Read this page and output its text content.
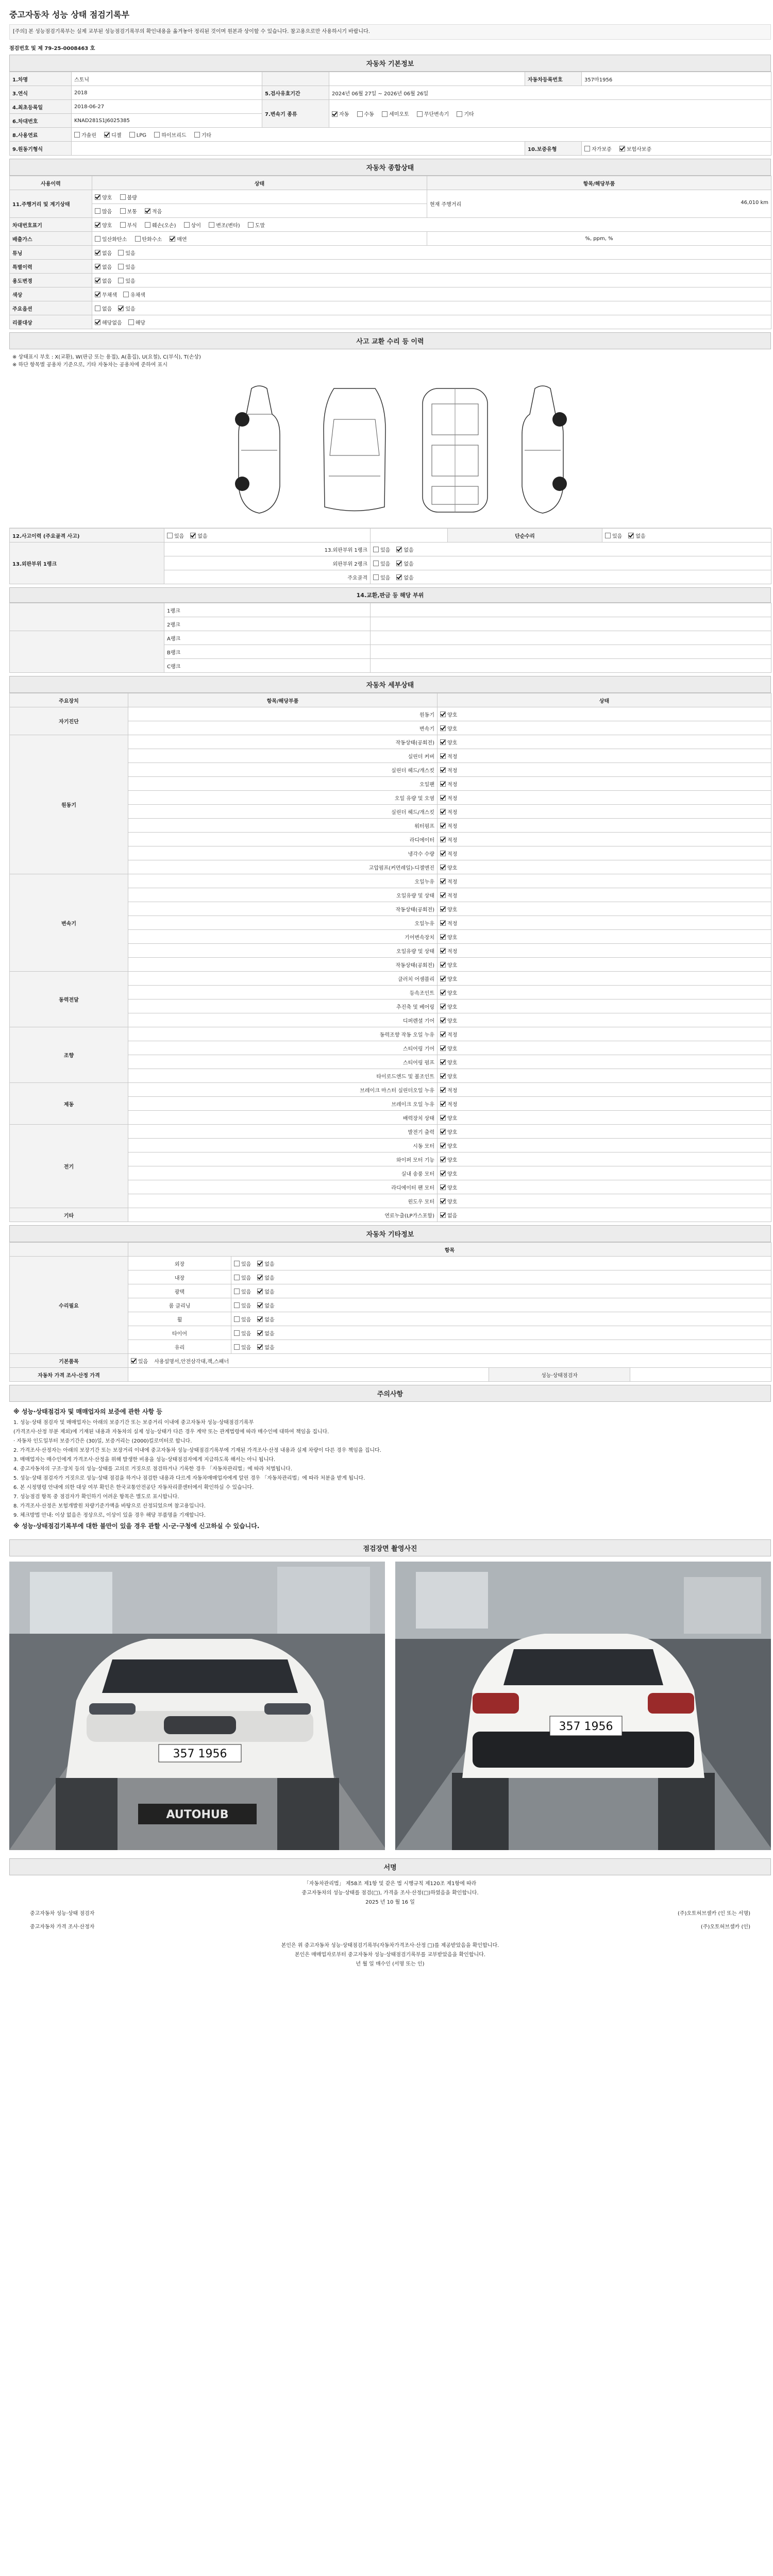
중고자동차 성능 상태 점검기록부
[주의] 본 성능점검기록부는 실제 교부된 성능점검기록부의 확인내용을 옮겨놓아 정리된 것이며 원본과 상이할 수 있습니다. 참고용으로만 사용하시기 바랍니다.
점검번호 및 제 79-25-0008463 호
자동차 기본정보
1.차명	스토닉			자동차등록번호	357마1956
3.연식	2018	5.검사유효기간	2024년 06월 27일 ~ 2026년 06월 26일		
4.최초등록일	2018-06-27	7.변속기 종류	자동 수동 세미오토 무단변속기 기타		
6.차대번호	KNAD281S1J6025385				
8.사용연료	가솔린 디젤 LPG 하이브리드 기타				
9.원동기형식				10.보증유형	자가보증 보험사보증
자동차 종합상태
사용이력	상태	항목/해당부품
11.주행거리 및 계기상태	양호 불량	현재 주행거리 46,010 km

	많음 보통 적음	
차대번호표기	양호 부식 훼손(오손) 상이 변조(변타) 도말	
배출가스	일산화탄소 탄화수소 매연	%, ppm, %
튜닝	없음 있음	
특별이력	없음 있음	
용도변경	없음 있음	
색상	무채색 유채색	
주요옵션	없음 있음	
리콜대상	해당없음 해당	
사고 교환 수리 등 이력
※ 상태표시 부호 : X(교환), W(판금 또는 용접), A(흠집), U(요철), C(부식), T(손상)
※ 하단 항목별 공용차 기준으로, 기타 자동차는 공용차에 준하여 표시
12.사고이력 (주요골격 사고)	있음 없음		단순수리	있음 없음
13.외판부위 1랭크	13.외판부위 1랭크	있음 없음		
	외판부위 2랭크	있음 없음		
	주요골격	있음 없음		
14.교환,판금 등 해당 부위
	1랭크	
	2랭크	
	A랭크	
	B랭크	
	C랭크	
자동차 세부상태
주요장치	항목/해당부품	상태
자기진단	원동기	양호
	변속기	양호
원동기	작동상태(공회전)	양호
	실린더 커버	적정
	실린더 헤드/개스킷	적정
	오일팬	적정
	오일 유량 및 오염	적정
	실린더 헤드/개스킷	적정
	워터펌프	적정
	라디에이터	적정
	냉각수 수량	적정
	고압펌프(커먼레일)-디젤엔진	양호
변속기	오일누유	적정
	오일유량 및 상태	적정
	작동상태(공회전)	양호
	오일누유	적정
	기어변속장치	양호
	오일유량 및 상태	적정
	작동상태(공회전)	양호
동력전달	클러치 어셈블리	양호
	등속조인트	양호
	추진축 및 베어링	양호
	디퍼렌셜 기어	양호
조향	동력조향 작동 오일 누유	적정
	스티어링 기어	양호
	스티어링 펌프	양호
	타이로드엔드 및 볼조인트	양호
제동	브레이크 마스터 실린더오일 누유	적정
	브레이크 오일 누유	적정
	배력장치 상태	양호
전기	발전기 출력	양호
	시동 모터	양호
	와이퍼 모터 기능	양호
	실내 송풍 모터	양호
	라디에이터 팬 모터	양호
	윈도우 모터	양호
기타	연료누출(LP가스포함)	없음
자동차 기타정보
	항목			
수리필요	외장	있음 없음		
	내장	있음 없음		
	광택	있음 없음		
	룸 클리닝	있음 없음		
	휠	있음 없음		
	타이어	있음 없음		
	유리	있음 없음		
기본품목	있음 사용설명서,안전삼각대,잭,스패너			
자동차 가격 조사·산정 가격			성능·상태점검자	
주의사항
※ 성능·상태점검자 및 매매업자의 보증에 관한 사항 등

1. 성능·상태 점검자 및 매매업자는 아래의 보증기간 또는 보증거리 이내에 중고자동차 성능·상태점검기록부

(가격조사·산정 부분 제외)에 기재된 내용과 자동차의 실제 성능·상태가 다른 경우 계약 또는 관계법령에 따라 매수인에 대하여 책임을 집니다.

· 자동차 인도일부터 보증기간은 (30)일, 보증거리는 (2000)킬로미터로 합니다.

2. 가격조사·산정자는 아래의 보장기간 또는 보장거리 이내에 중고자동차 성능·상태점검기록부에 기재된 가격조사·산정 내용과 실제 차량이 다른 경우 책임을 집니다.

3. 매매업자는 매수인에게 가격조사·산정을 위해 발생한 비용을 성능·상태점검자에게 지급하도록 해서는 아니 됩니다.

4. 중고자동차의 구조·장치 등의 성능·상태를 고의로 거짓으로 점검하거나 기록한 경우 「자동차관리법」에 따라 처벌됩니다.

5. 성능·상태 점검자가 거짓으로 성능·상태 점검을 하거나 점검한 내용과 다르게 자동차매매업자에게 알린 경우 「자동차관리법」에 따라 처분을 받게 됩니다.

6. 본 시정명령 안내에 의한 대상 여부 확인은 한국교통안전공단 자동차리콜센터에서 확인하실 수 있습니다.

7. 성능점검 항목 중 점검자가 확인하기 어려운 항목은 별도로 표시합니다.

8. 가격조사·산정은 보험개발원 차량기준가액을 바탕으로 산정되었으며 참고용입니다.

9. 체크방법 안내: 이상 없음은 정상으로, 이상이 있을 경우 해당 부품명을 기재합니다.

※ 성능·상태점검기록부에 대한 불만이 있을 경우 관할 시·군·구청에 신고하실 수 있습니다.
점검장면 촬영사진
357 1956
AUTOHUB
357 1956
서명
「자동차관리법」 제58조 제1항 및 같은 법 시행규칙 제120조 제1항에 따라
중고자동차의 성능·상태를 점검(□), 가격을 조사·산정(□)하였음을 확인합니다.
2025 년 10 월 16 일
중고자동차 성능·상태 점검자	(주)오토허브셀카 (인 또는 서명)
중고자동차 가격 조사·산정자	(주)오토허브셀카 (인)
본인은 위 중고자동차 성능·상태점검기록부(자동차가격조사·산정 □)를 제공받았음을 확인합니다.
본인은 매매업자로부터 중고자동차 성능·상태점검기록부를 교부받았음을 확인합니다.
년 월 일 매수인 (서명 또는 인)
